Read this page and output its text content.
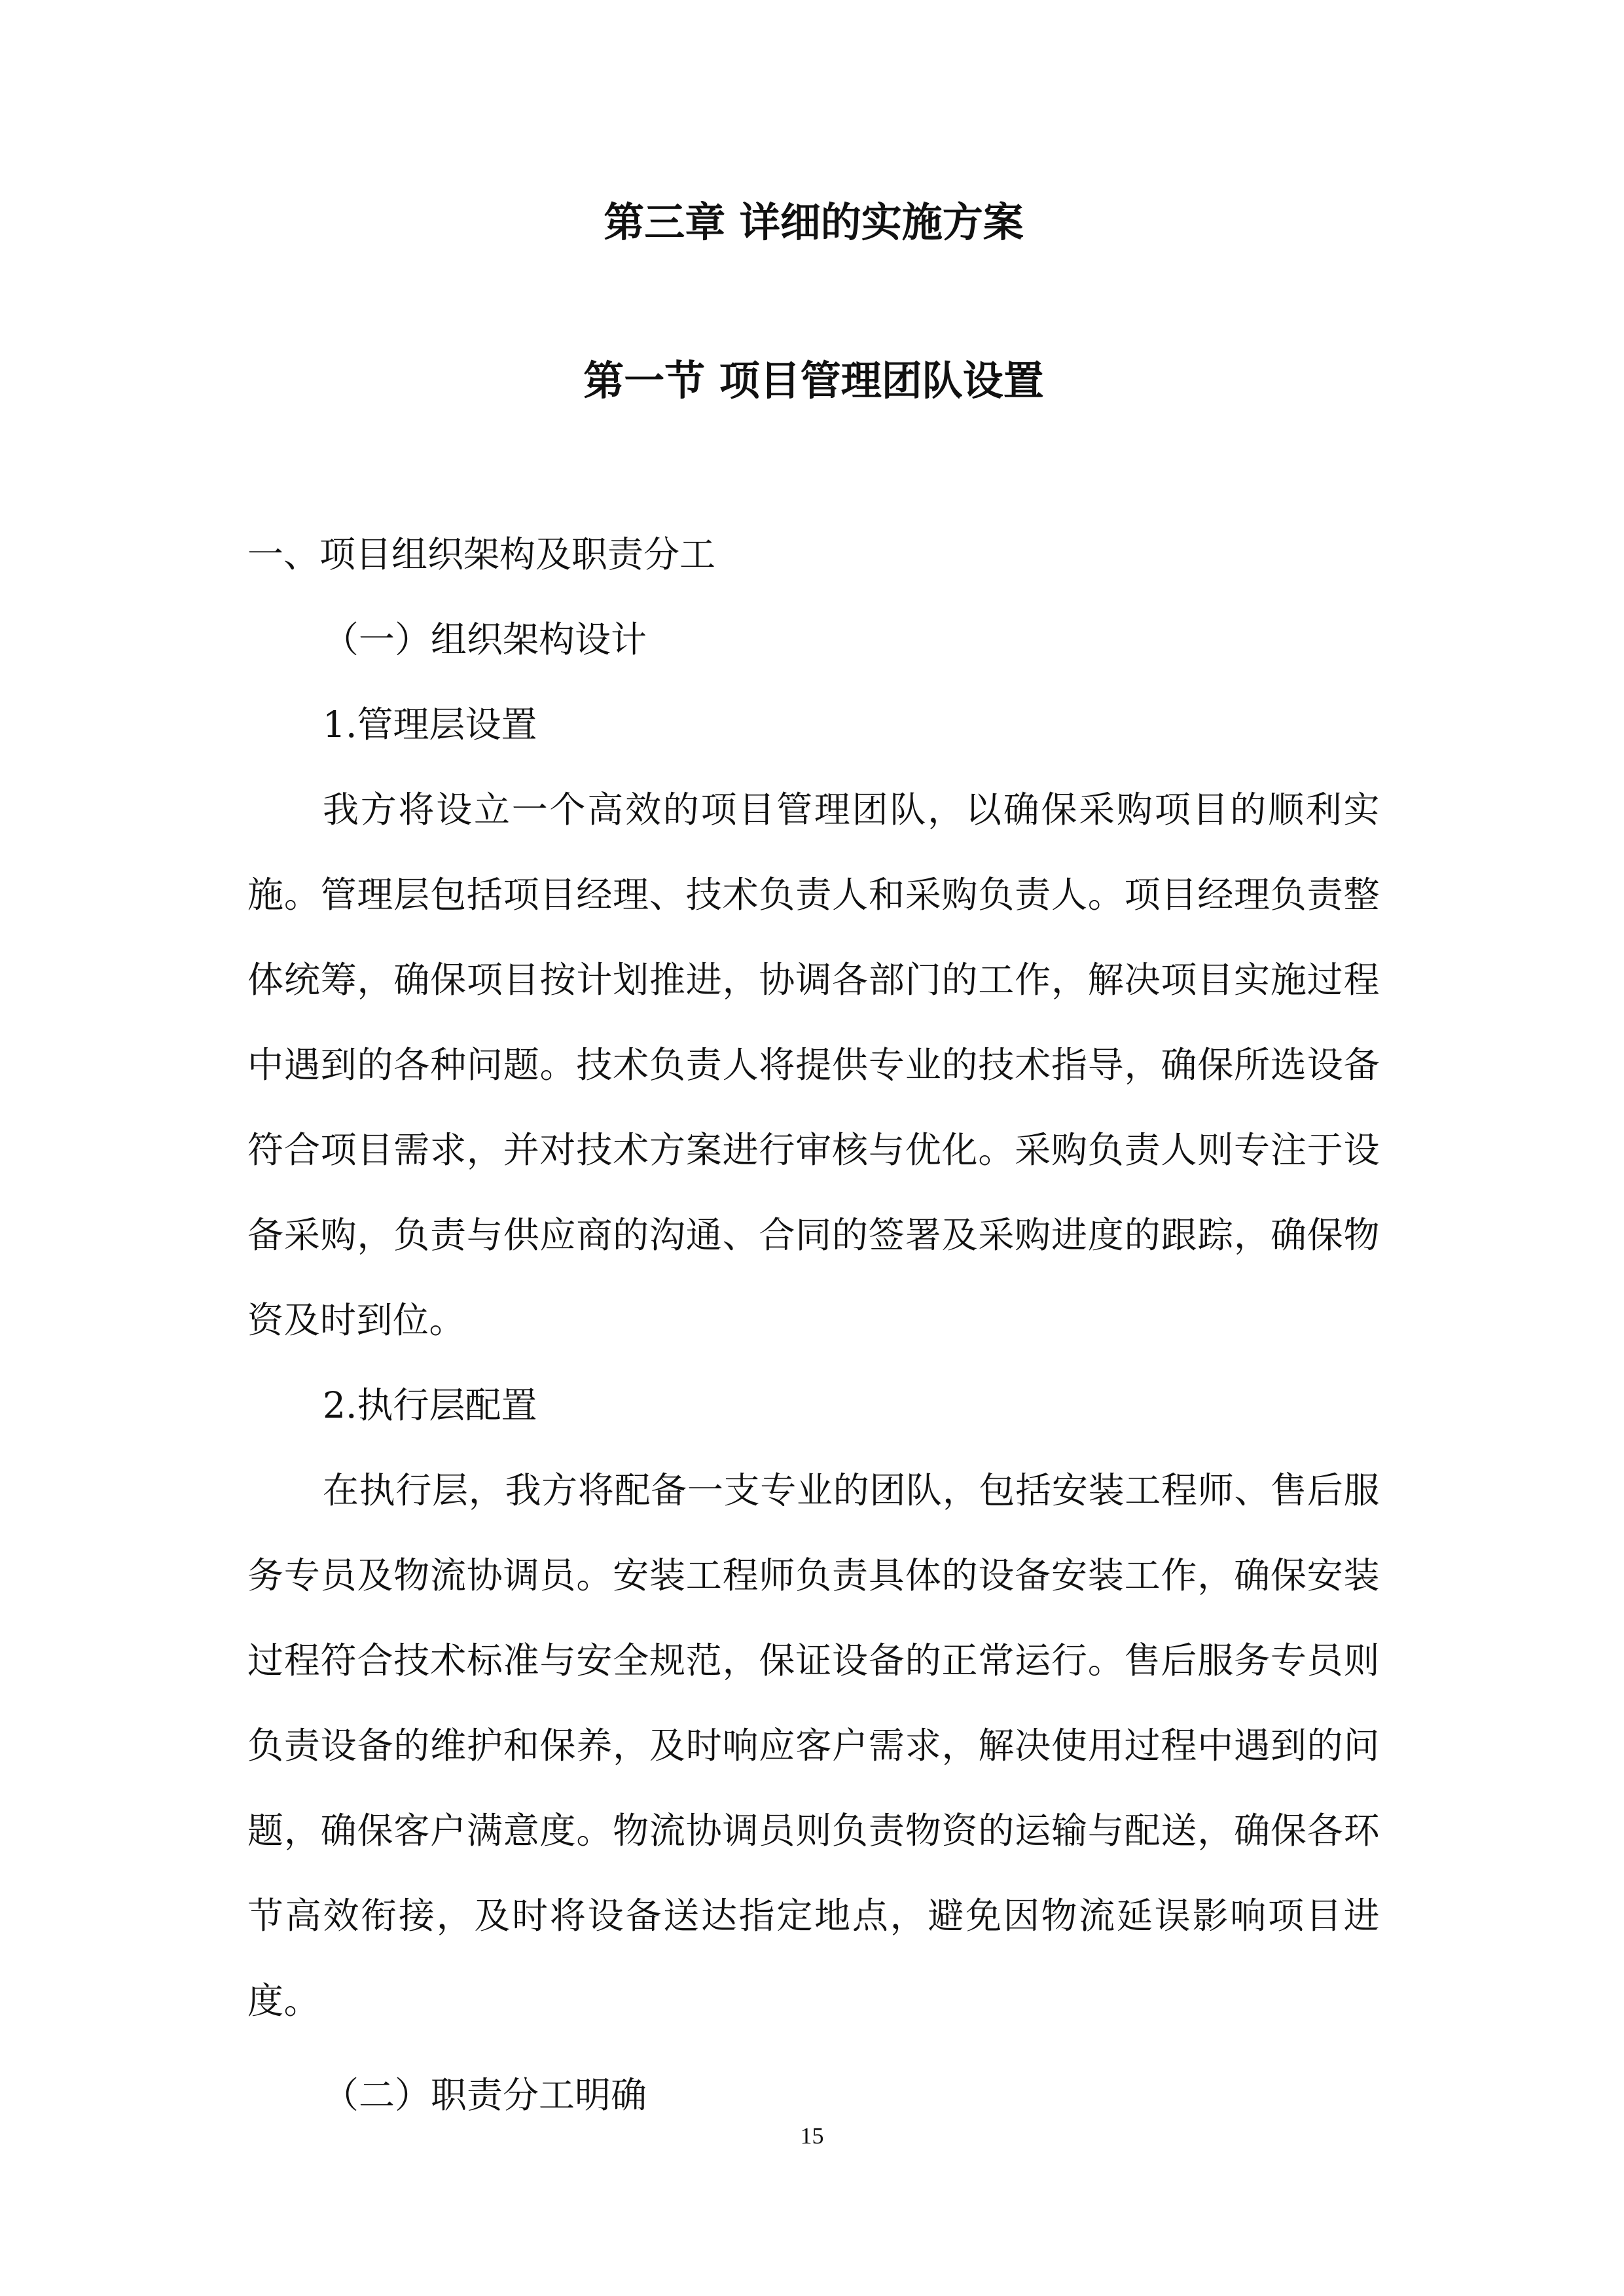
第三章 详细的实施方案
第一节 项目管理团队设置

一、项目组织架构及职责分工

（一）组织架构设计

1.管理层设置

我方将设立一个高效的项目管理团队，以确保采购项目的顺利实施。管理层包括项目经理、技术负责人和采购负责人。项目经理负责整体统筹，确保项目按计划推进，协调各部门的工作，解决项目实施过程中遇到的各种问题。技术负责人将提供专业的技术指导，确保所选设备符合项目需求，并对技术方案进行审核与优化。采购负责人则专注于设备采购，负责与供应商的沟通、合同的签署及采购进度的跟踪，确保物资及时到位。

2.执行层配置

在执行层，我方将配备一支专业的团队，包括安装工程师、售后服务专员及物流协调员。安装工程师负责具体的设备安装工作，确保安装过程符合技术标准与安全规范，保证设备的正常运行。售后服务专员则负责设备的维护和保养，及时响应客户需求，解决使用过程中遇到的问题，确保客户满意度。物流协调员则负责物资的运输与配送，确保各环节高效衔接，及时将设备送达指定地点，避免因物流延误影响项目进度。

（二）职责分工明确

15
